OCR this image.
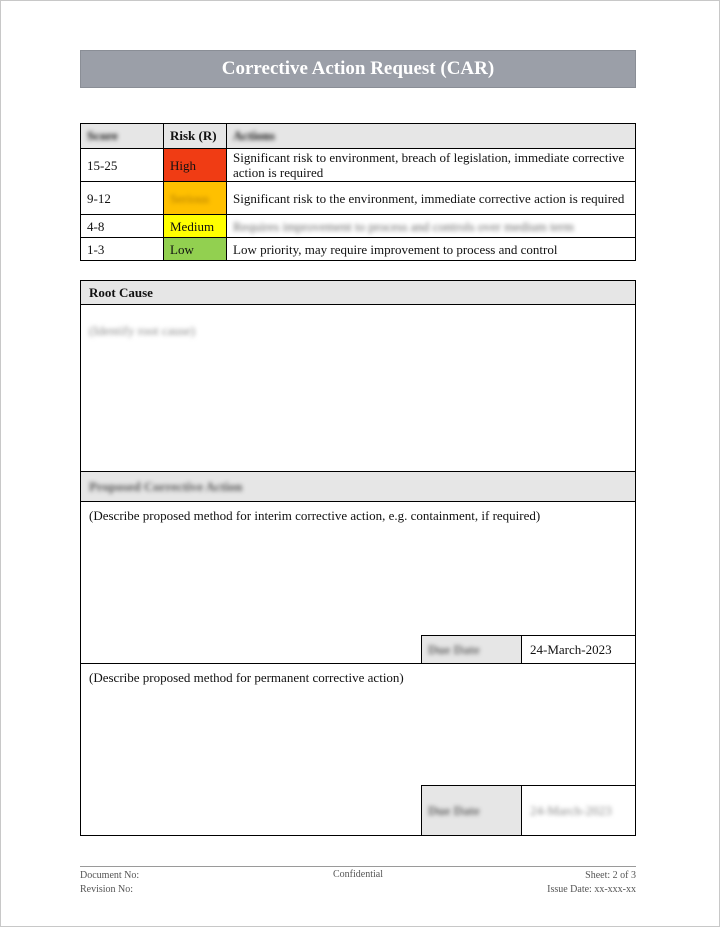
Corrective Action Request (CAR)
Score	Risk (R)	Actions
15-25	High	Significant risk to environment, breach of legislation, immediate corrective action is required
9-12	Serious	Significant risk to the environment, immediate corrective action is required
4-8	Medium	Requires improvement to process and controls over medium term
1-3	Low	Low priority, may require improvement to process and control
Root Cause
(Identify root cause)
Proposed Corrective Action
(Describe proposed method for interim corrective action, e.g. containment, if required)
Due Date	24-March-2023
(Describe proposed method for permanent corrective action)
Due Date	24-March-2023
Confidential
Document No:	Sheet: 2 of 3
Revision No:	Issue Date: xx-xxx-xx
